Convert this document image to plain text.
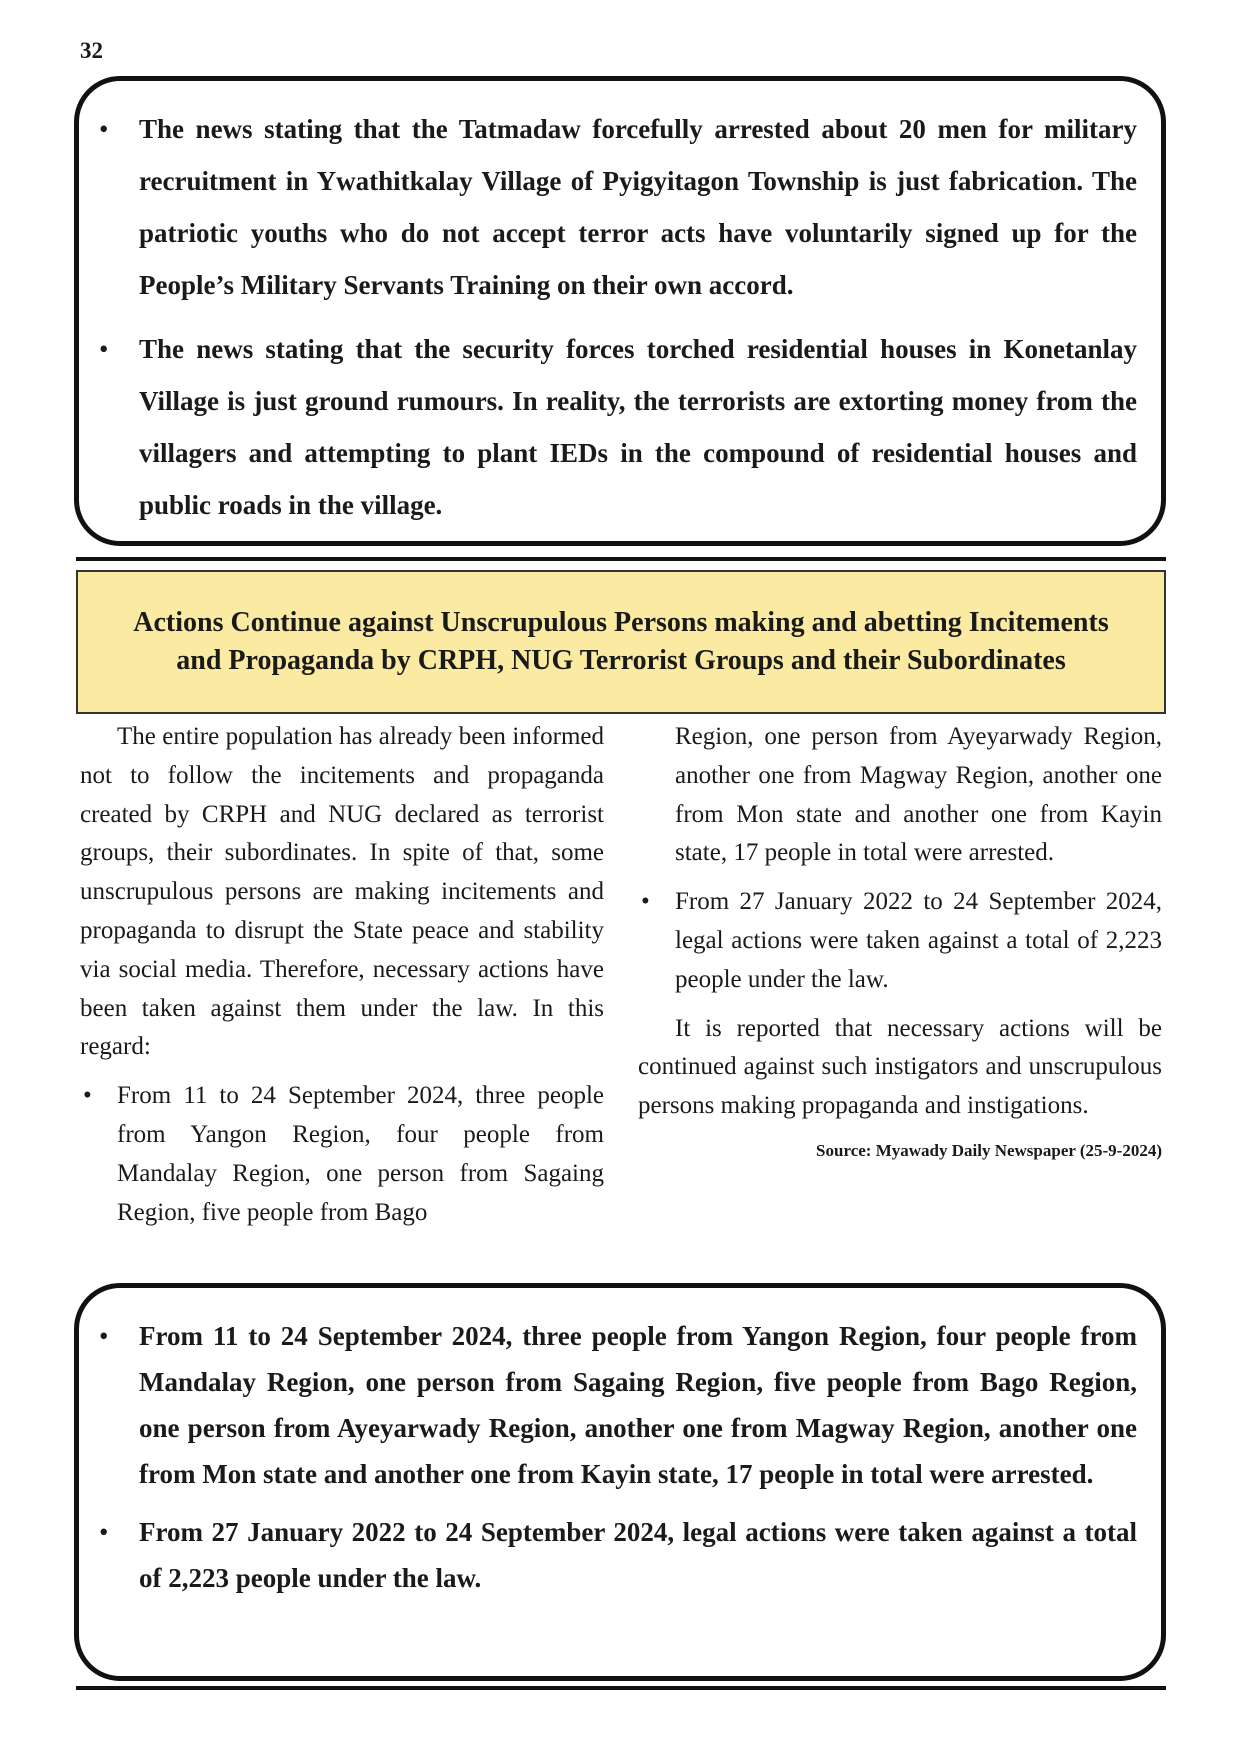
32
• The news stating that the Tatmadaw forcefully arrested about 20 men for military recruitment in Ywathitkalay Village of Pyigyitagon Township is just fabrication. The patriotic youths who do not accept terror acts have voluntarily signed up for the People’s Military Servants Training on their own accord.
• The news stating that the security forces torched residential houses in Konetanlay Village is just ground rumours. In reality, the terrorists are extorting money from the villagers and attempting to plant IEDs in the compound of residential houses and public roads in the village.
Actions Continue against Unscrupulous Persons making and abetting Incitements and Propaganda by CRPH, NUG Terrorist Groups and their Subordinates

The entire population has already been informed not to follow the incitements and propaganda created by CRPH and NUG declared as terrorist groups, their subordinates. In spite of that, some unscrupulous persons are making incitements and propaganda to disrupt the State peace and stability via social media. Therefore, necessary actions have been taken against them under the law. In this regard:

• From 11 to 24 September 2024, three people from Yangon Region, four people from Mandalay Region, one person from Sagaing Region, five people from Bago

Region, one person from Ayeyarwady Region, another one from Magway Region, another one from Mon state and another one from Kayin state, 17 people in total were arrested.

• From 27 January 2022 to 24 September 2024, legal actions were taken against a total of 2,223 people under the law.

It is reported that necessary actions will be continued against such instigators and unscrupulous persons making propaganda and instigations.

Source: Myawady Daily Newspaper (25-9-2024)

• From 11 to 24 September 2024, three people from Yangon Region, four people from Mandalay Region, one person from Sagaing Region, five people from Bago Region, one person from Ayeyarwady Region, another one from Magway Region, another one from Mon state and another one from Kayin state, 17 people in total were arrested.
• From 27 January 2022 to 24 September 2024, legal actions were taken against a total of 2,223 people under the law.
